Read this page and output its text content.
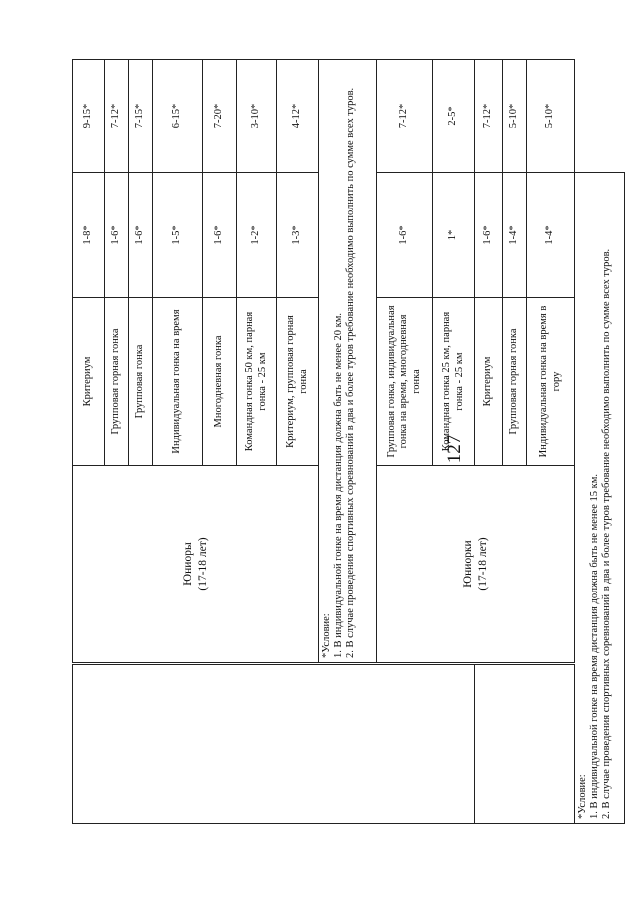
127
	Юниоры (17-18 лет)	Критериум	1-8*	9-15*
		Групповая горная гонка	1-6*	7-12*
		Групповая гонка	1-6*	7-15*
		Индивидуальная гонка на время	1-5*	6-15*
		Многодневная гонка	1-6*	7-20*
		Командная гонка 50 км, парная гонка - 25 км	1-2*	3-10*
		Критериум, групповая горная гонка	1-3*	4-12*

	*Условие: 1. В индивидуальной гонке на время дистанция должна быть не менее 20 км. 2. В случае проведения спортивных соревнований в два и более туров требование необходимо выполнить по сумме всех туров.			

	Юниорки (17-18 лет)	Групповая гонка, индивидуальная гонка на время, многодневная гонка	1-6*	7-12*
		Командная гонка 25 км, парная гонка - 25 км	1*	2-5*
		Критериум	1-6*	7-12*
		Групповая горная гонка	1-4*	5-10*
		Индивидуальная гонка на время в гору	1-4*	5-10*

*Условие: 1. В индивидуальной гонке на время дистанция должна быть не менее 15 км. 2. В случае проведения спортивных соревнований в два и более туров требование необходимо выполнить по сумме всех туров.				
